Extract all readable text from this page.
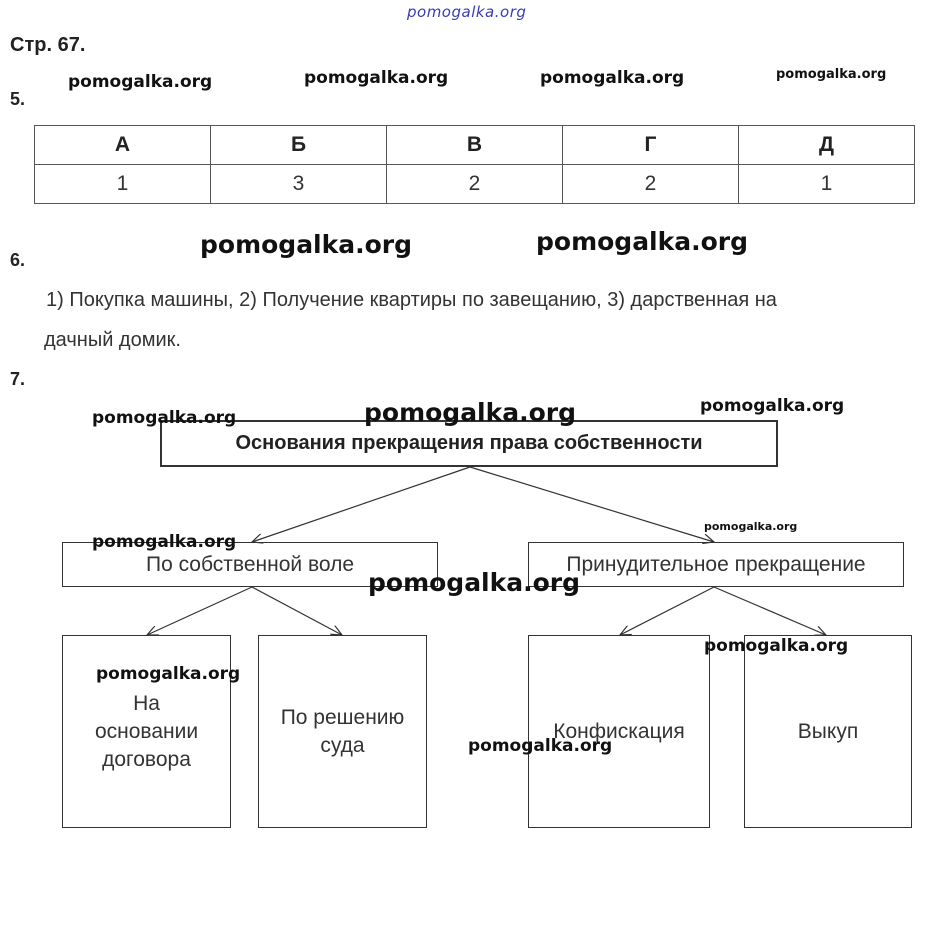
pomogalka.org
Стр. 67.
5.
А	Б	В	Г	Д
1	3	2	2	1
6.
1) Покупка машины, 2) Получение квартиры по завещанию, 3) дарственная на
дачный домик.
7.
Основания прекращения права собственности
По собственной воле	Принудительное прекращение
На
основании
договора
По решению
суда
Конфискация	Выкуп
pomogalka.org	pomogalka.org	pomogalka.org	pomogalka.org
pomogalka.org	pomogalka.org
pomogalka.org	pomogalka.org	pomogalka.org
pomogalka.org
pomogalka.org
pomogalka.org
pomogalka.org
pomogalka.org
pomogalka.org
